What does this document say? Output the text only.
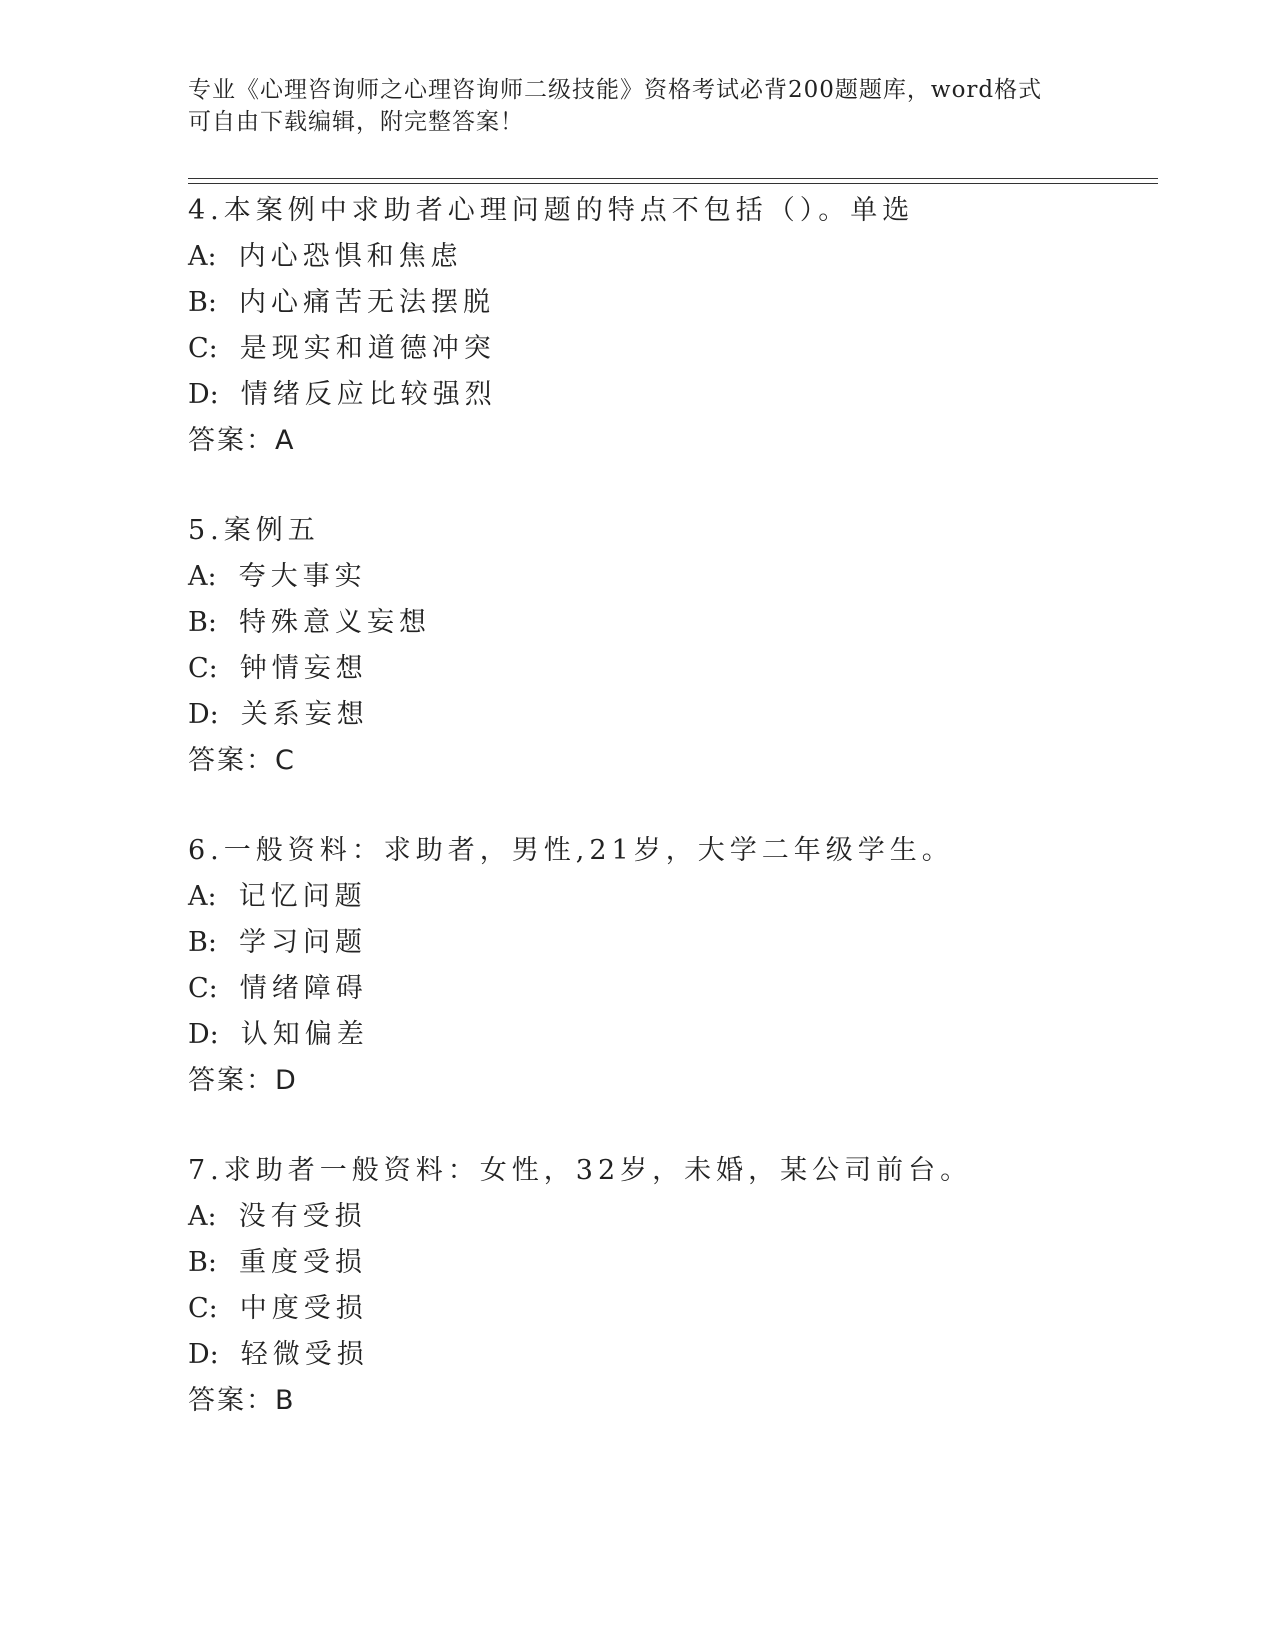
专业《心理咨询师之心理咨询师二级技能》资格考试必背200题题库，word格式
可自由下载编辑，附完整答案！
4.本案例中求助者心理问题的特点不包括（）。单选
A: 内心恐惧和焦虑
B: 内心痛苦无法摆脱
C: 是现实和道德冲突
D: 情绪反应比较强烈
答案：A
5.案例五
A: 夸大事实
B: 特殊意义妄想
C: 钟情妄想
D: 关系妄想
答案：C
6.一般资料：求助者，男性,21岁，大学二年级学生。
A: 记忆问题
B: 学习问题
C: 情绪障碍
D: 认知偏差
答案：D
7.求助者一般资料：女性，32岁，未婚，某公司前台。
A: 没有受损
B: 重度受损
C: 中度受损
D: 轻微受损
答案：B
